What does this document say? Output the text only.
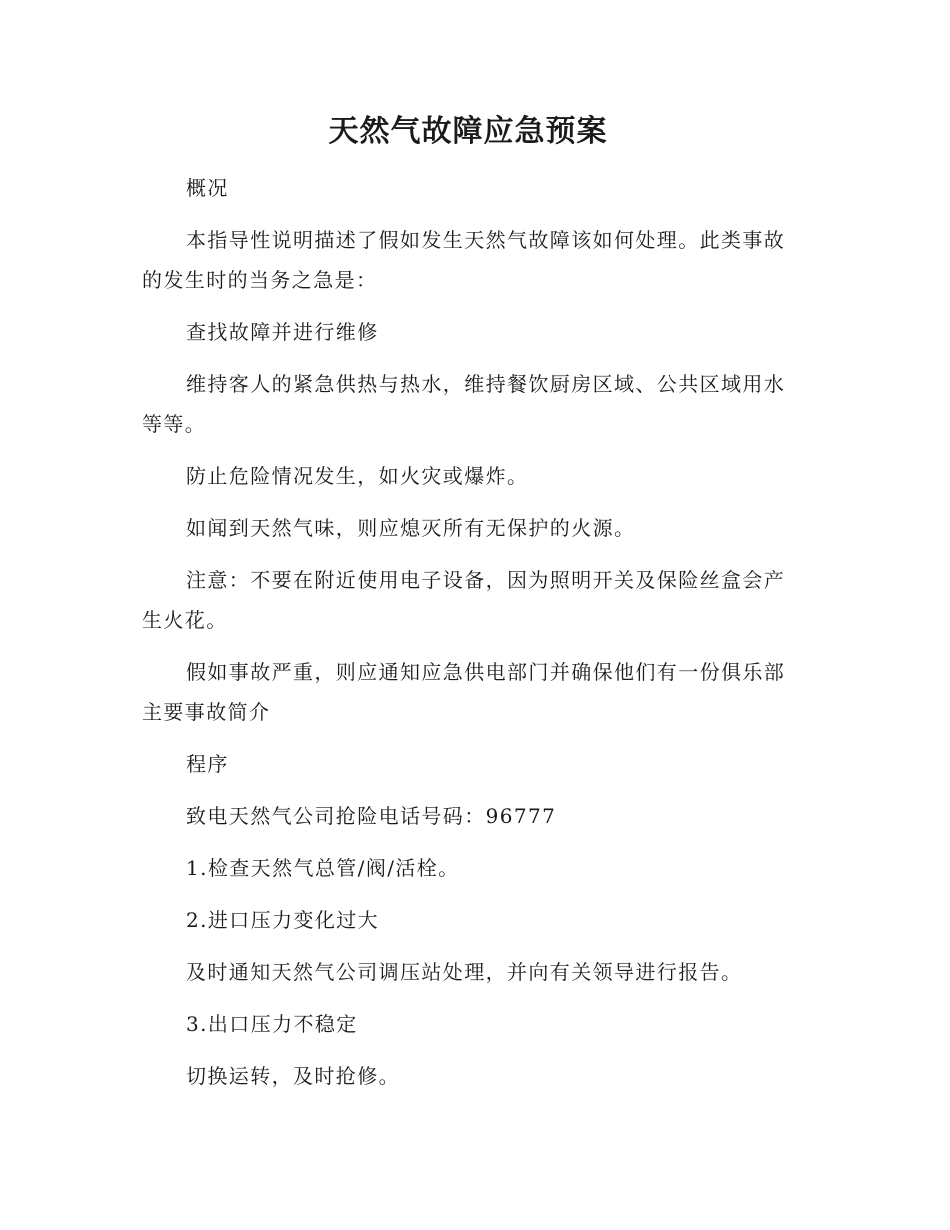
天然气故障应急预案

概况

本指导性说明描述了假如发生天然气故障该如何处理。此类事故的发生时的当务之急是：

查找故障并进行维修

维持客人的紧急供热与热水，维持餐饮厨房区域、公共区域用水等等。

防止危险情况发生，如火灾或爆炸。

如闻到天然气味，则应熄灭所有无保护的火源。

注意：不要在附近使用电子设备，因为照明开关及保险丝盒会产生火花。

假如事故严重，则应通知应急供电部门并确保他们有一份俱乐部主要事故简介

程序

致电天然气公司抢险电话号码：96777

1.检查天然气总管/阀/活栓。

2.进口压力变化过大

及时通知天然气公司调压站处理，并向有关领导进行报告。

3.出口压力不稳定

切换运转，及时抢修。
